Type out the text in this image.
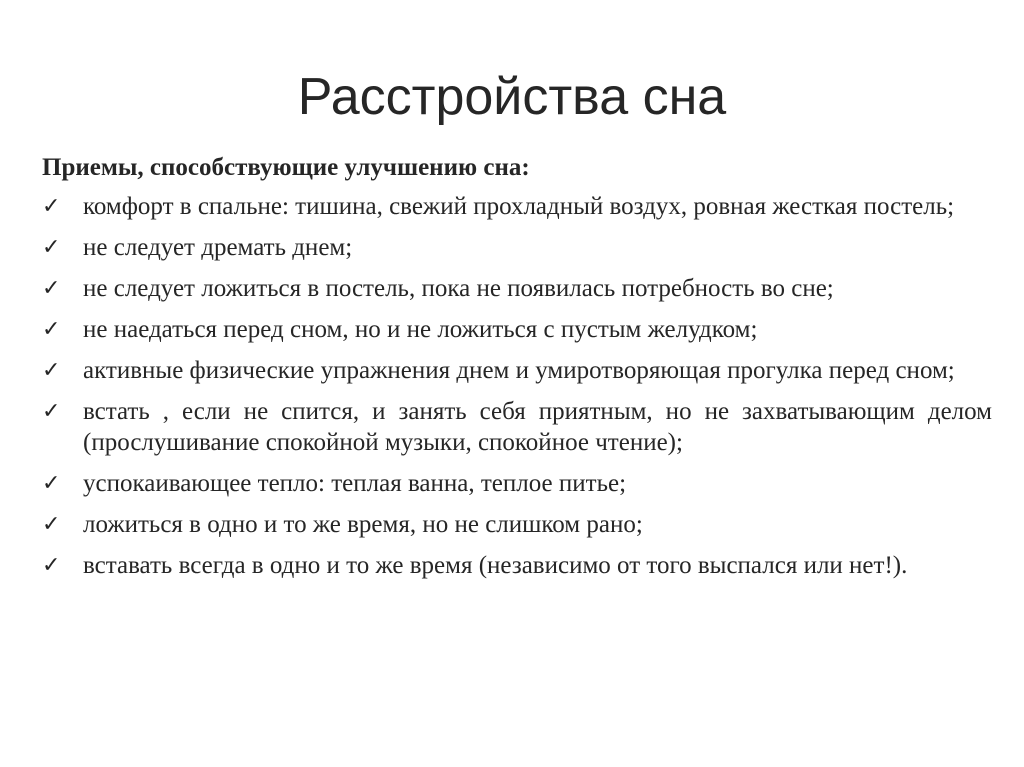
Расстройства сна
Приемы, способствующие улучшению сна:
✓ комфорт в спальне: тишина, свежий прохладный воздух, ровная жесткая постель;
✓ не следует дремать днем;
✓ не следует ложиться в постель, пока не появилась потребность во сне;
✓ не наедаться перед сном, но и не ложиться с пустым желудком;
✓ активные физические упражнения днем и умиротворяющая прогулка перед сном;
✓ встать , если не спится, и занять себя приятным, но не захватывающим делом (прослушивание спокойной музыки, спокойное чтение);
✓ успокаивающее тепло: теплая ванна, теплое питье;
✓ ложиться в одно и то же время, но не слишком рано;
✓ вставать всегда в одно и то же время (независимо от того выспался или нет!).
